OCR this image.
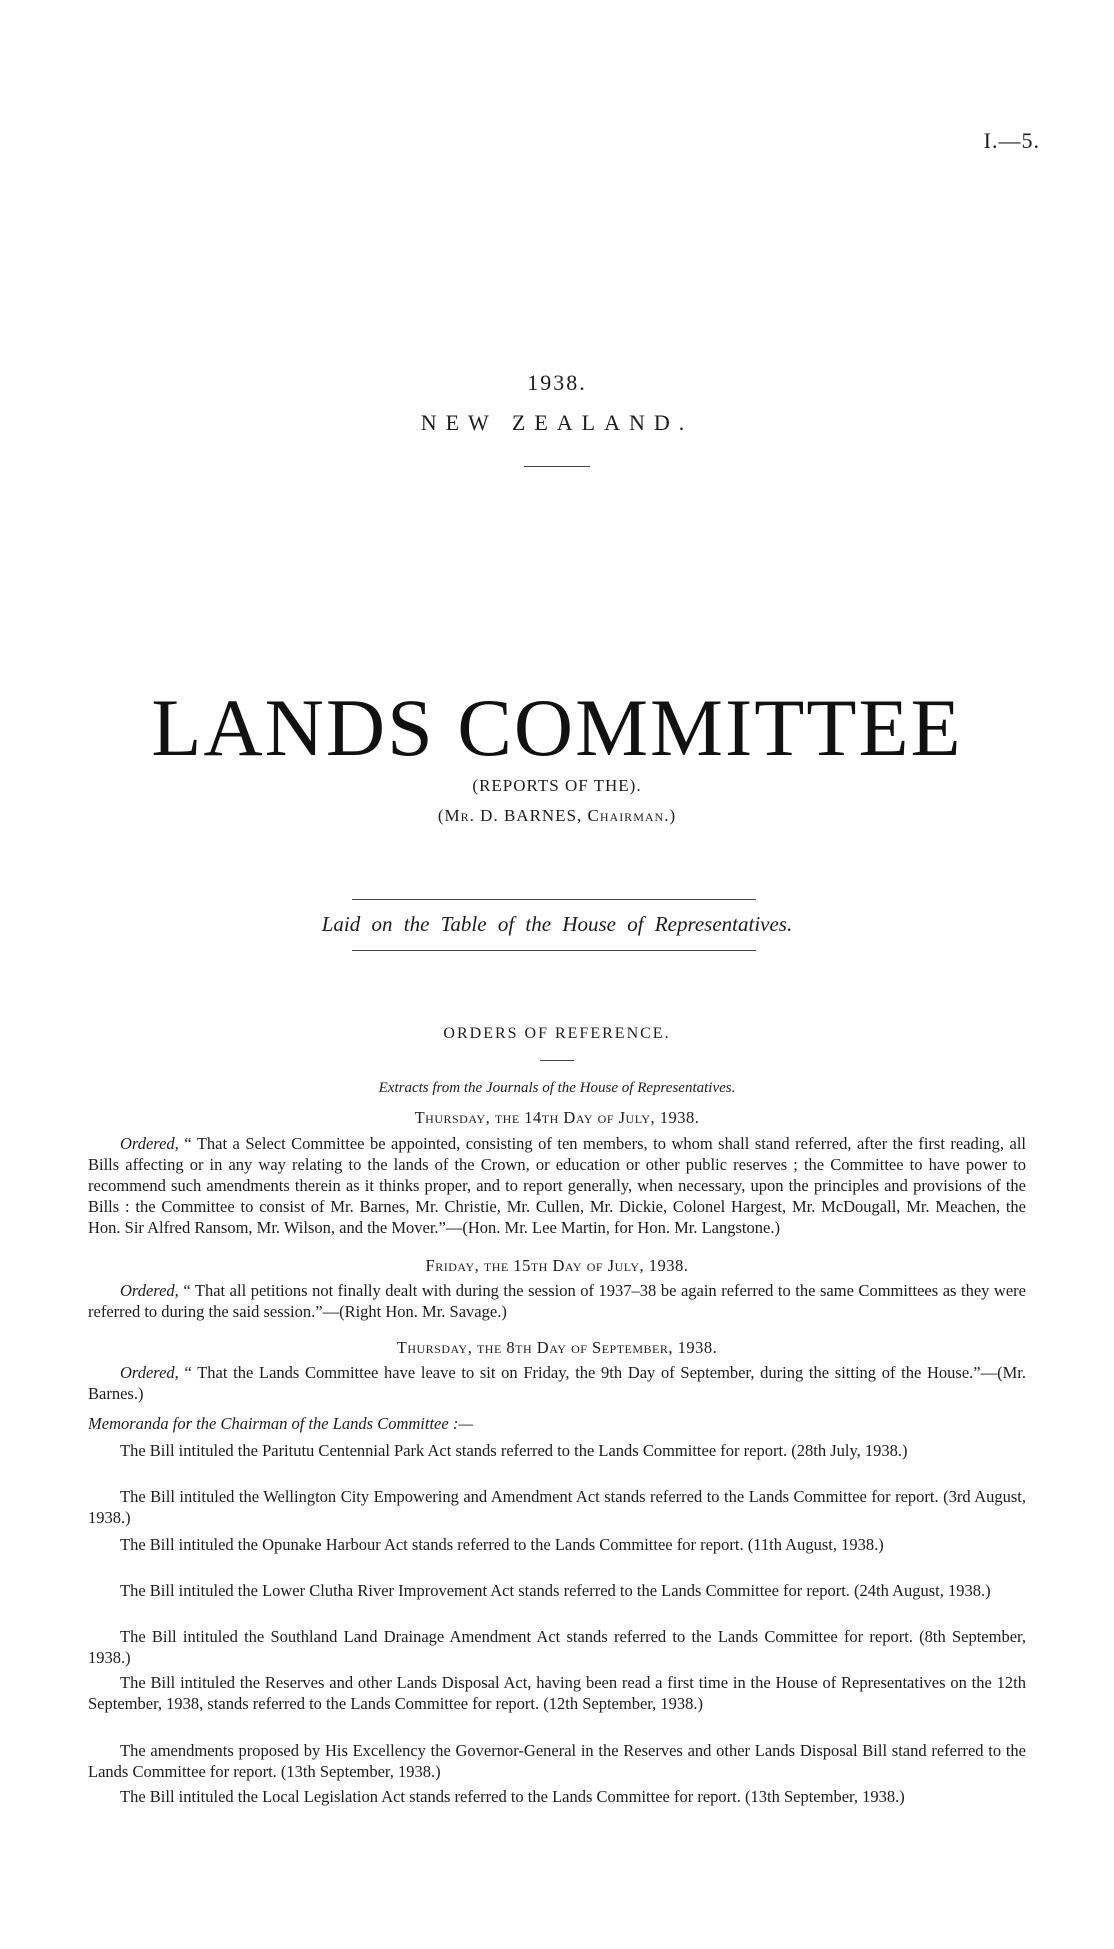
I.—5.
1938.
NEW ZEALAND.
LANDS COMMITTEE
(REPORTS OF THE).
(Mr. D. BARNES, Chairman.)
Laid on the Table of the House of Representatives.
ORDERS OF REFERENCE.
Extracts from the Journals of the House of Representatives.
Thursday, the 14th Day of July, 1938.
Ordered, “ That a Select Committee be appointed, consisting of ten members, to whom shall stand referred, after the first reading, all Bills affecting or in any way relating to the lands of the Crown, or education or other public reserves ; the Committee to have power to recommend such amendments therein as it thinks proper, and to report generally, when necessary, upon the principles and provisions of the Bills : the Committee to consist of Mr. Barnes, Mr. Christie, Mr. Cullen, Mr. Dickie, Colonel Hargest, Mr. McDougall, Mr. Meachen, the Hon. Sir Alfred Ransom, Mr. Wilson, and the Mover.”—(Hon. Mr. Lee Martin, for Hon. Mr. Langstone.)
Friday, the 15th Day of July, 1938.
Ordered, “ That all petitions not finally dealt with during the session of 1937–38 be again referred to the same Committees as they were referred to during the said session.”—(Right Hon. Mr. Savage.)
Thursday, the 8th Day of September, 1938.
Ordered, “ That the Lands Committee have leave to sit on Friday, the 9th Day of September, during the sitting of the House.”—(Mr. Barnes.)
Memoranda for the Chairman of the Lands Committee :—
The Bill intituled the Paritutu Centennial Park Act stands referred to the Lands Committee for report. (28th July, 1938.)
The Bill intituled the Wellington City Empowering and Amendment Act stands referred to the Lands Committee for report. (3rd August, 1938.)
The Bill intituled the Opunake Harbour Act stands referred to the Lands Committee for report. (11th August, 1938.)
The Bill intituled the Lower Clutha River Improvement Act stands referred to the Lands Committee for report. (24th August, 1938.)
The Bill intituled the Southland Land Drainage Amendment Act stands referred to the Lands Committee for report. (8th September, 1938.)
The Bill intituled the Reserves and other Lands Disposal Act, having been read a first time in the House of Representatives on the 12th September, 1938, stands referred to the Lands Committee for report. (12th September, 1938.)
The amendments proposed by His Excellency the Governor-General in the Reserves and other Lands Disposal Bill stand referred to the Lands Committee for report. (13th September, 1938.)
The Bill intituled the Local Legislation Act stands referred to the Lands Committee for report. (13th September, 1938.)
